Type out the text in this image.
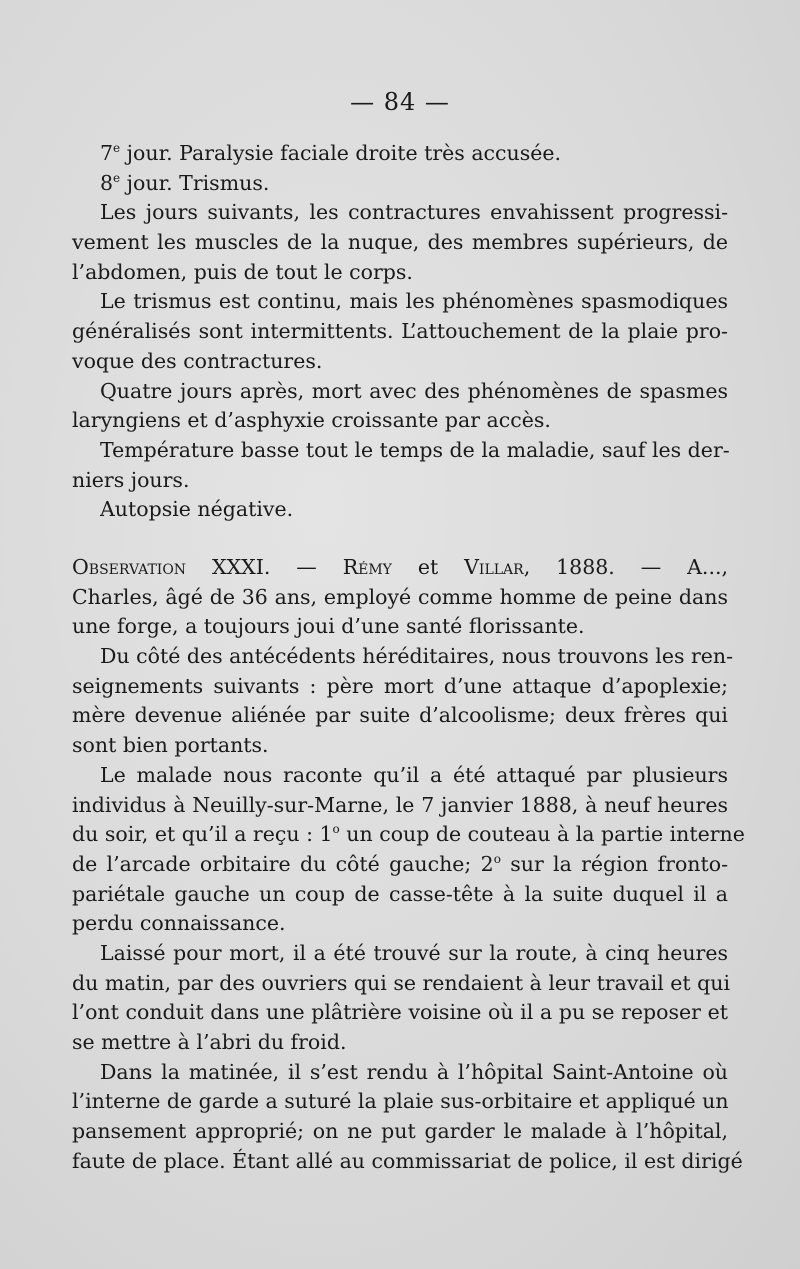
— 84 —
7e jour. Paralysie faciale droite très accusée.
8e jour. Trismus.
Les jours suivants, les contractures envahissent progressi-
vement les muscles de la nuque, des membres supérieurs, de
l’abdomen, puis de tout le corps.
Le trismus est continu, mais les phénomènes spasmodiques
généralisés sont intermittents. L’attouchement de la plaie pro-
voque des contractures.
Quatre jours après, mort avec des phénomènes de spasmes
laryngiens et d’asphyxie croissante par accès.
Température basse tout le temps de la maladie, sauf les der-
niers jours.
Autopsie négative.
Observation XXXI. — Rémy et Villar, 1888. — A...,
Charles, âgé de 36 ans, employé comme homme de peine dans
une forge, a toujours joui d’une santé florissante.
Du côté des antécédents héréditaires, nous trouvons les ren-
seignements suivants : père mort d’une attaque d’apoplexie;
mère devenue aliénée par suite d’alcoolisme; deux frères qui
sont bien portants.
Le malade nous raconte qu’il a été attaqué par plusieurs
individus à Neuilly-sur-Marne, le 7 janvier 1888, à neuf heures
du soir, et qu’il a reçu : 1$^o$ un coup de couteau à la partie interne
de l’arcade orbitaire du côté gauche; 2$^o$ sur la région fronto-
pariétale gauche un coup de casse-tête à la suite duquel il a
perdu connaissance.
Laissé pour mort, il a été trouvé sur la route, à cinq heures
du matin, par des ouvriers qui se rendaient à leur travail et qui
l’ont conduit dans une plâtrière voisine où il a pu se reposer et
se mettre à l’abri du froid.
Dans la matinée, il s’est rendu à l’hôpital Saint-Antoine où
l’interne de garde a suturé la plaie sus-orbitaire et appliqué un
pansement approprié; on ne put garder le malade à l’hôpital,
faute de place. Étant allé au commissariat de police, il est dirigé
